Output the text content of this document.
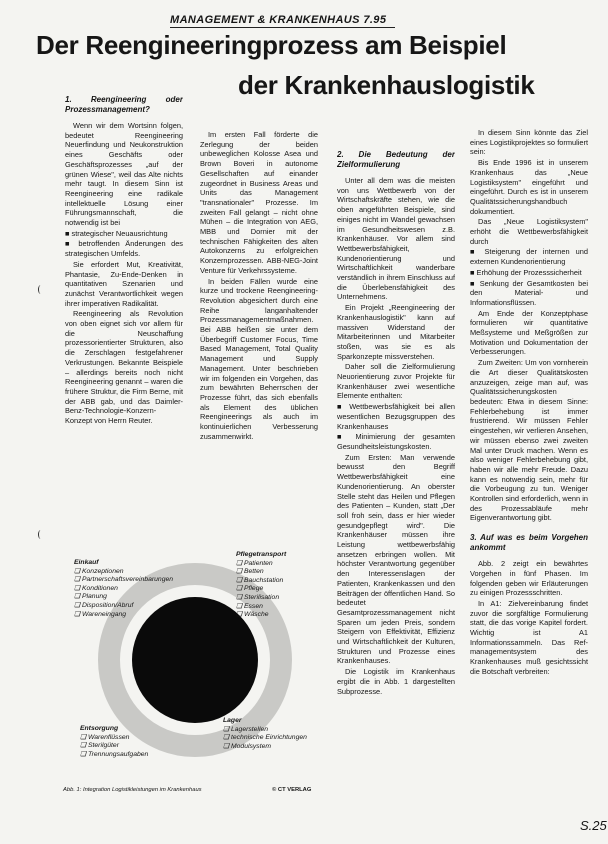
MANAGEMENT & KRANKENHAUS 7.95
Der Reengineeringprozess am Beispiel
der Krankenhauslogistik
1. Reengineering oder Prozessmanagement?

Wenn wir dem Wortsinn folgen, bedeutet Reengineering Neuerfindung und Neukonstruktion eines Geschäfts oder Geschäftsprozesses „auf der grünen Wiese", weil das Alte nichts mehr taugt. In diesem Sinn ist Reengineering eine radikale intellektuelle Lösung einer Führungsmannschaft, die notwendig ist bei

■ strategischer Neuausrichtung

■ betroffenden Änderungen des strategischen Umfelds.

Sie erfordert Mut, Kreativität, Phantasie, Zu-Ende-Denken in quantitativen Szenarien und zunächst Verantwortlichkeit wegen ihrer imperativen Radikalität.

Reengineering als Revolution von oben eignet sich vor allem für die Neuschaffung prozessorientierter Strukturen, also die Zerschlagen festgefahrener Verkrustungen. Bekannte Beispiele – allerdings bereits noch nicht Reengineering genannt – waren die frühere Struktur, die Firm Berne, mit der ABB gab, und das Daimler-Benz-Technologie-Konzern-Konzept von Herrn Reuter.

Im ersten Fall förderte die Zerlegung der beiden unbeweglichen Kolosse Asea und Brown Boveri in autonome Gesellschaften auf einander zugeordnet in Business Areas und Units das Management "transnationaler" Prozesse. Im zweiten Fall gelangt – nicht ohne Mühen – die Integration von AEG, MBB und Dornier mit der technischen Fähigkeiten des alten Autokonzerns zu erfolgreichen Konzernprozessen. ABB-NEG-Joint Venture für Verkehrssysteme.

In beiden Fällen wurde eine kurze und trockene Reengineering-Revolution abgesichert durch eine Reihe langanhaltender Prozessmanagementmaßnahmen. Bei ABB heißen sie unter dem Überbegriff Customer Focus, Time Based Management, Total Quality Management und Supply Management. Unter beschrieben wir im folgenden ein Vorgehen, das zum bewährten Beherrschen der Prozesse führt, das sich ebenfalls als Element des üblichen Reengineerings als auch im kontinuierlichen Verbesserung zusammenwirkt.

2. Die Bedeutung der Zielformulierung

Unter all dem was die meisten von uns Wettbewerb von der Wirtschaftskräfte stehen, wie die oben angeführten Beispiele, sind einiges nicht im Wandel gewachsen im Gesundheitswesen z.B. Krankenhäuser. Vor allem sind Wettbewerbsfähigkeit, Kundenorientierung und Wirtschaftlichkeit wanderbare verständlich in ihrem Einschluss auf die Überlebensfähigkeit des Unternehmens.

Ein Projekt „Reengineering der Krankenhauslogistik" kann auf massiven Widerstand der Mitarbeiterinnen und Mitarbeiter stoßen, was sie es als Sparkonzepte missverstehen.

Daher soll die Zielformulierung Neuorientierung zuvor Projekte für Krankenhäuser zwei wesentliche Elemente enthalten:

■ Wettbewerbsfähigkeit bei allen wesentlichen Bezugsgruppen des Krankenhauses

■ Minimierung der gesamten Gesundheitsleistungskosten.

Zum Ersten: Man verwende bewusst den Begriff Wettbewerbsfähigkeit eine Kundenorientierung. An oberster Stelle steht das Heilen und Pflegen des Patienten – Kunden, statt „Der soll froh sein, dass er hier wieder gesundgepflegt wird". Die Krankenhäuser müssen ihre Leistung wettbewerbsfähig ansetzen erbringen wollen. Mit höchster Verantwortung gegenüber den Interessenslagen der Patienten, Krankenkassen und den Beiträgen der öffentlichen Hand. So bedeutet Gesamtprozessmanagement nicht Sparen um jeden Preis, sondern Steigern von Effektivität, Effizienz und Wirtschaftlichkeit der Kulturen, Strukturen und Prozesse eines Krankenhauses.

Die Logistik im Krankenhaus ergibt die in Abb. 1 dargestellten Subprozesse.

In diesem Sinn könnte das Ziel eines Logistikprojektes so formuliert sein:

Bis Ende 1996 ist in unserem Krankenhaus das „Neue Logistiksystem" eingeführt und eingeführt. Durch es ist in unserem Qualitätssicherungshandbuch dokumentiert.

Das „Neue Logistiksystem" erhöht die Wettbewerbsfähigkeit durch

■ Steigerung der internen und externen Kundenorientierung

■ Erhöhung der Prozesssicherheit

■ Senkung der Gesamtkosten bei den Material- und Informationsflüssen.

Am Ende der Konzeptphase formulieren wir quantitative Meßsysteme und Meßgrößen zur Motivation und Dokumentation der Verbesserungen.

Zum Zweiten: Um von vornherein die Art dieser Qualitätskosten anzuzeigen, zeige man auf, was Qualitätssicherungskosten bedeuten: Etwa in diesem Sinne: Fehlerbehebung ist immer frustrierend. Wir müssen Fehler eingestehen, wir verlieren Ansehen, wir müssen ebenso zwei zweiten Mal unter Druck machen. Wenn es also weniger Fehlerbehebung gibt, haben wir alle mehr Freude. Dazu kann es notwendig sein, mehr für die Vorbeugung zu tun. Weniger Kontrollen sind erforderlich, wenn in des Prozessabläufe mehr Eigenverantwortung gibt.

3. Auf was es beim Vorgehen ankommt

Abb. 2 zeigt ein bewährtes Vorgehen in fünf Phasen. Im folgenden geben wir Erläuterungen zu einigen Prozessschritten.

In A1: Zielvereinbarung findet zuvor die sorgfältige Formulierung statt, die das vorige Kapitel fordert. Wichtig ist A1 Informationssammeln. Das Ref-managementsystem des Krankenhauses muß gesichtssicht die Botschaft verbreiten:

Einkauf
❏ Konzeptionen
❏ Partnerschaftsvereinbarungen
❏ Konditionen
❏ Planung
❏ Disposition/Abruf
❏ Wareneingang
Pflegetransport
❏ Patienten
❏ Betten
❏ Bauchstation
❏ Pflege
❏ Sterilisation
❏ Essen
❏ Wäsche
Entsorgung
❏ Warenflüssen
❏ Sterilgüter
❏ Trennungsaufgaben
Lager
❏ Lagerstellen
❏ technische Einrichtungen
❏ Modulsystem
Abb. 1: Integration Logistikleistungen im Krankenhaus	© CT VERLAG
S.25
